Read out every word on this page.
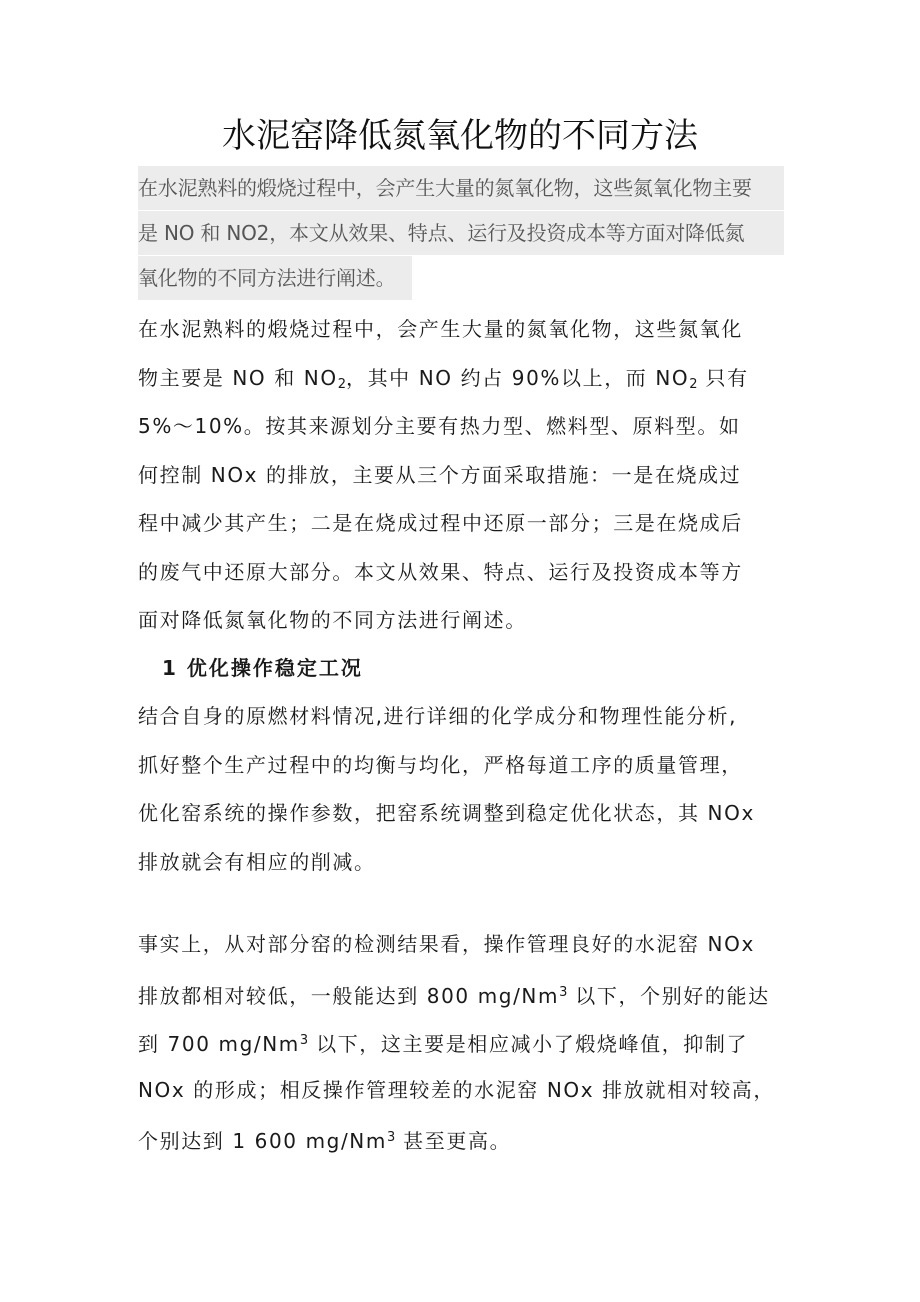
水泥窑降低氮氧化物的不同方法
在水泥熟料的煅烧过程中，会产生大量的氮氧化物，这些氮氧化物主要
是 NO 和 NO2，本文从效果、特点、运行及投资成本等方面对降低氮
氧化物的不同方法进行阐述。
在水泥熟料的煅烧过程中，会产生大量的氮氧化物，这些氮氧化
物主要是 NO 和 $NO_2$，其中 NO 约占 90%以上，而 $NO_2$ 只有
5%～10%。按其来源划分主要有热力型、燃料型、原料型。如
何控制 NOx 的排放，主要从三个方面采取措施：一是在烧成过
程中减少其产生；二是在烧成过程中还原一部分；三是在烧成后
的废气中还原大部分。本文从效果、特点、运行及投资成本等方
面对降低氮氧化物的不同方法进行阐述。
1 优化操作稳定工况
结合自身的原燃材料情况,进行详细的化学成分和物理性能分析,
抓好整个生产过程中的均衡与均化，严格每道工序的质量管理，
优化窑系统的操作参数，把窑系统调整到稳定优化状态，其 NOx
排放就会有相应的削减。
事实上，从对部分窑的检测结果看，操作管理良好的水泥窑 NOx
排放都相对较低，一般能达到 800 mg/Nm$^3$ 以下，个别好的能达
到 700 mg/Nm$^3$ 以下，这主要是相应减小了煅烧峰值，抑制了
NOx 的形成；相反操作管理较差的水泥窑 NOx 排放就相对较高，
个别达到 1 600 mg/Nm$^3$ 甚至更高。
